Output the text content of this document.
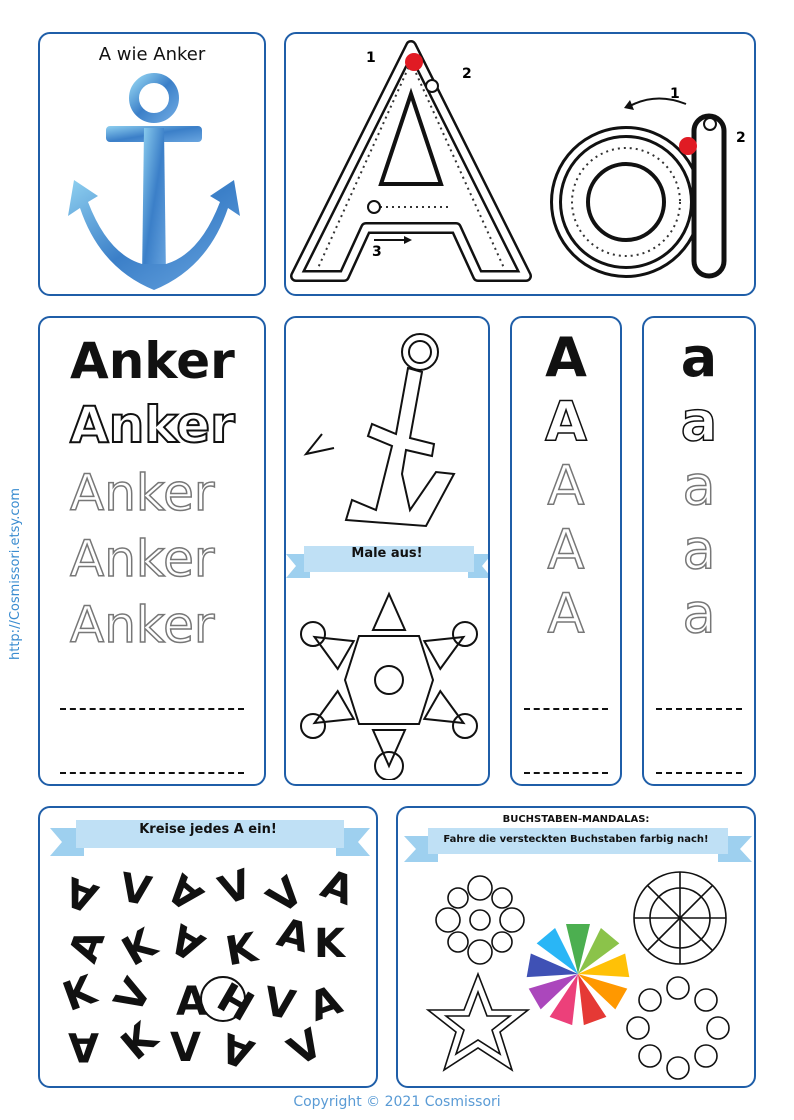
http://Cosmissori.etsy.com
A wie Anker	1
2
3
1
2
Anker
Anker
Anker
Anker
Anker
Male aus!
A
A
A
A
A
a
a
a
a
a
Kreise jedes A ein!
A V A V V A
A K
A K K
A
K V A H
V A
A K V A V
BUCHSTABEN-MANDALAS:
Fahre die versteckten Buchstaben farbig nach!
Copyright © 2021 Cosmissori
